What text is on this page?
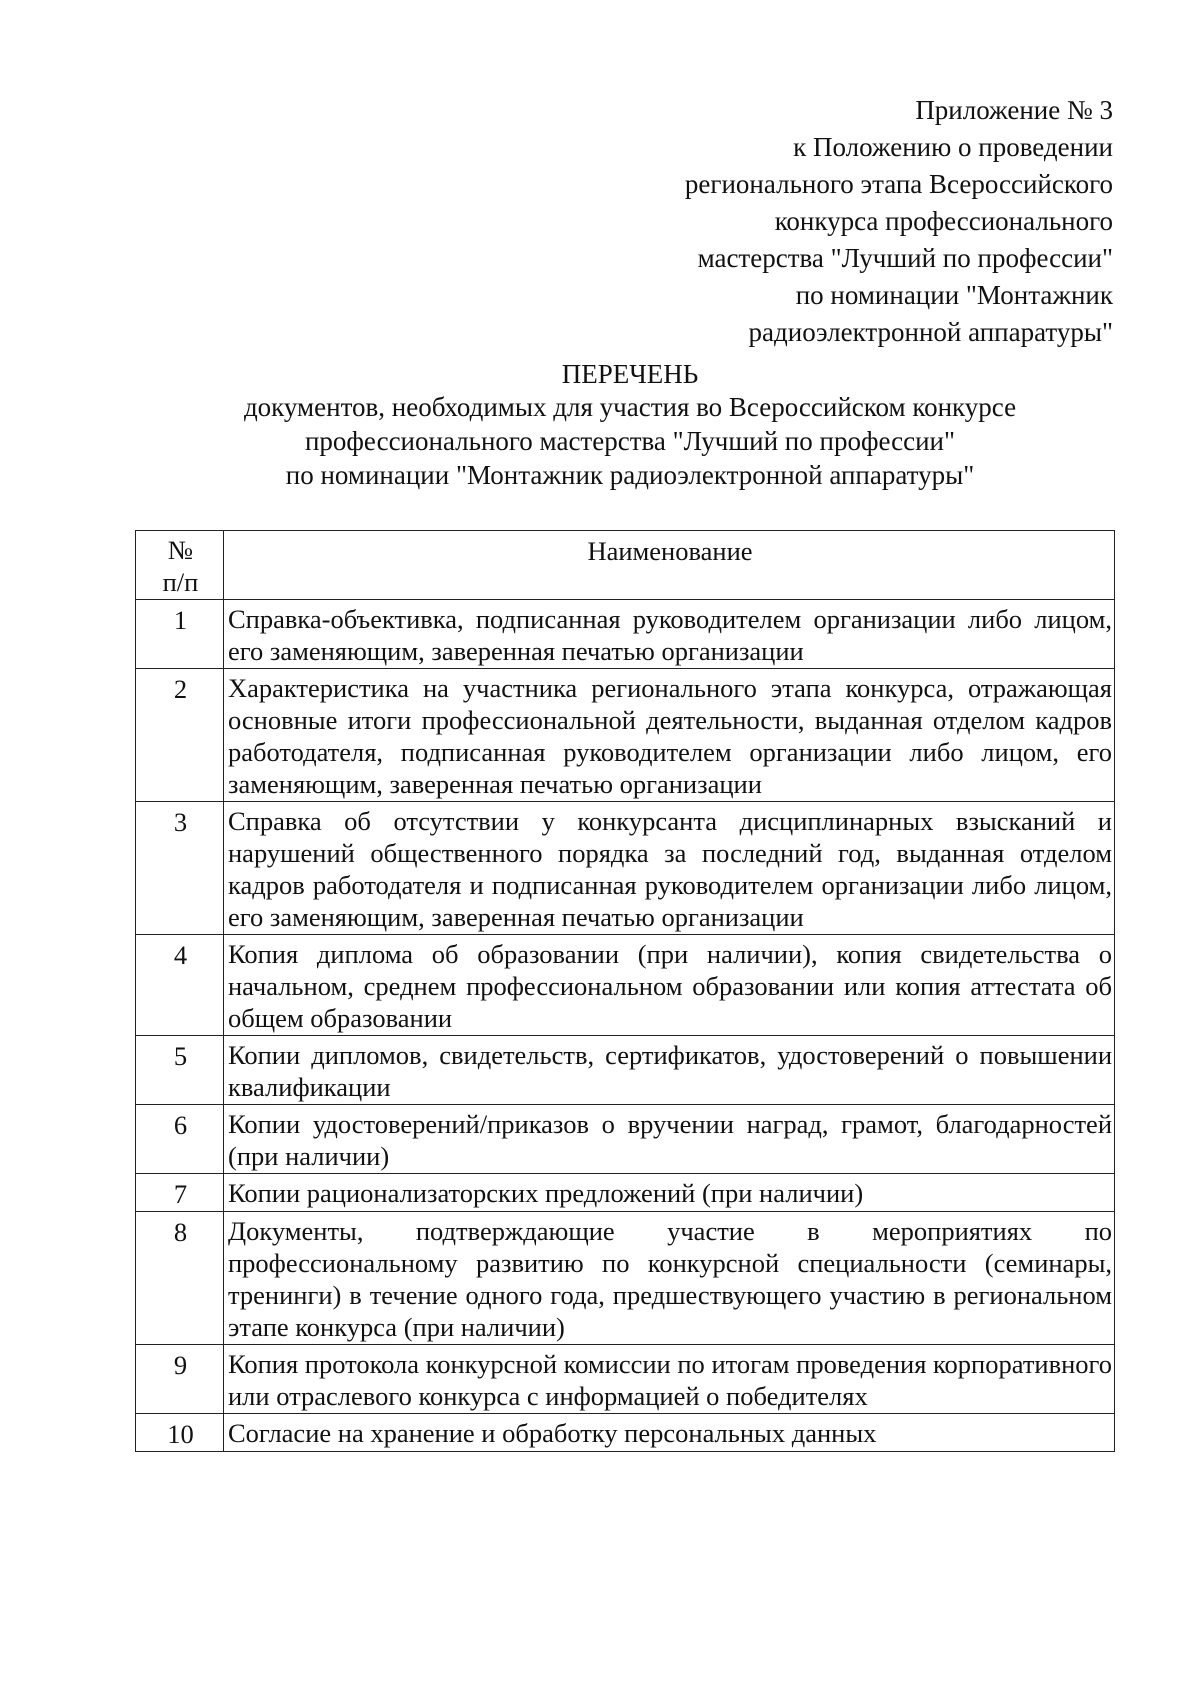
Приложение № 3
к Положению о проведении
регионального этапа Всероссийского
конкурса профессионального
мастерства "Лучший по профессии"
по номинации "Монтажник
радиоэлектронной аппаратуры"
ПЕРЕЧЕНЬ
документов, необходимых для участия во Всероссийском конкурсе
профессионального мастерства "Лучший по профессии"
по номинации "Монтажник радиоэлектронной аппаратуры"
№
п/п	Наименование
1	Справка-объективка, подписанная руководителем организации либо лицом, его заменяющим, заверенная печатью организации
2	Характеристика на участника регионального этапа конкурса, отражающая основные итоги профессиональной деятельности, выданная отделом кадров работодателя, подписанная руководителем организации либо лицом, его заменяющим, заверенная печатью организации
3	Справка об отсутствии у конкурсанта дисциплинарных взысканий и нарушений общественного порядка за последний год, выданная отделом кадров работодателя и подписанная руководителем организации либо лицом, его заменяющим, заверенная печатью организации
4	Копия диплома об образовании (при наличии), копия свидетельства о начальном, среднем профессиональном образовании или копия аттестата об общем образовании
5	Копии дипломов, свидетельств, сертификатов, удостоверений о повышении квалификации
6	Копии удостоверений/приказов о вручении наград, грамот, благодарностей (при наличии)
7	Копии рационализаторских предложений (при наличии)
8	Документы, подтверждающие участие в мероприятиях по профессиональному развитию по конкурсной специальности (семинары, тренинги) в течение одного года, предшествующего участию в региональном этапе конкурса (при наличии)
9	Копия протокола конкурсной комиссии по итогам проведения корпоративного или отраслевого конкурса с информацией о победителях
10	Согласие на хранение и обработку персональных данных
